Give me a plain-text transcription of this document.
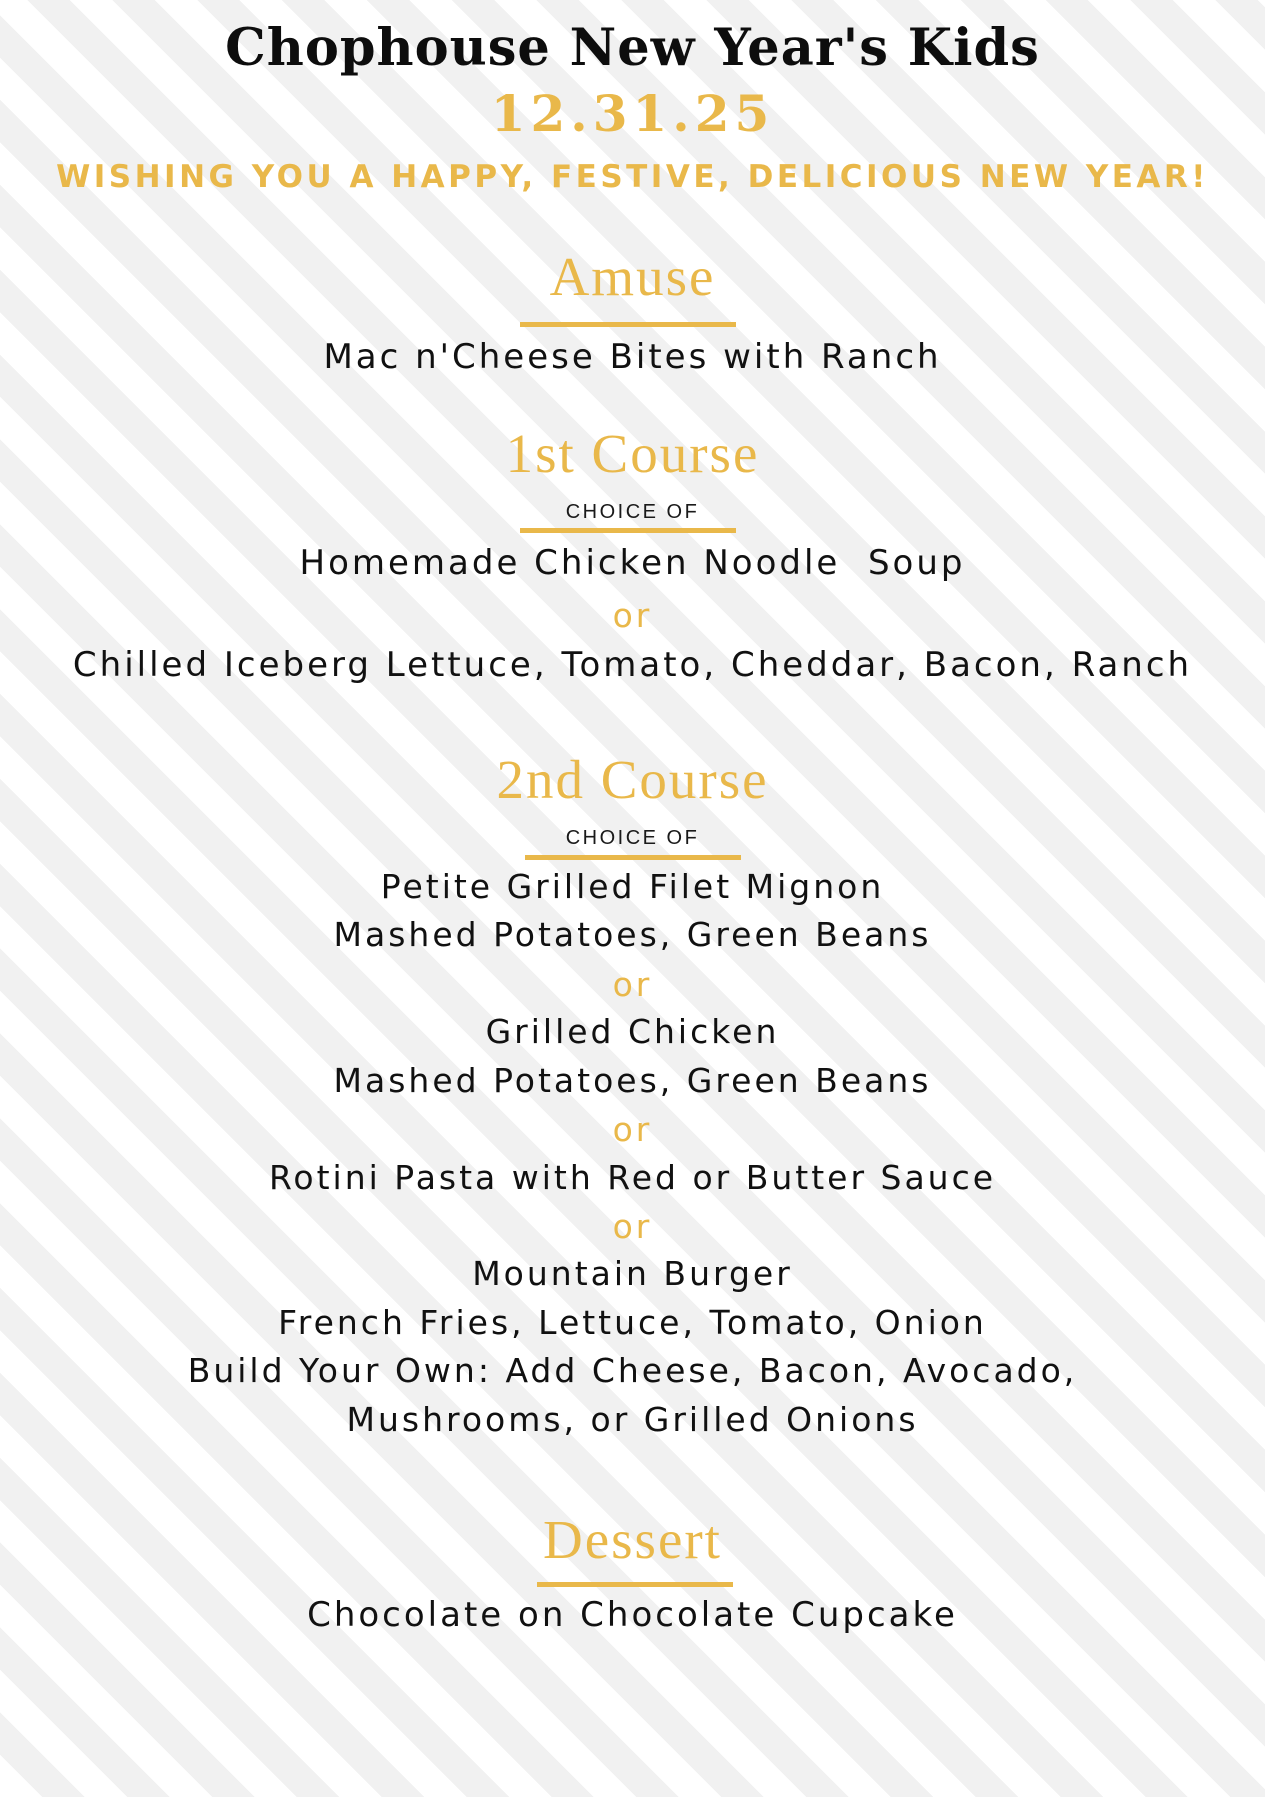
Chophouse New Year's Kids
12.31.25
WISHING YOU A HAPPY, FESTIVE, DELICIOUS NEW YEAR!
Amuse
Mac n'Cheese Bites with Ranch
1st Course
CHOICE OF
Homemade Chicken Noodle  Soup
or
Chilled Iceberg Lettuce, Tomato, Cheddar, Bacon, Ranch
2nd Course
CHOICE OF
Petite Grilled Filet Mignon
Mashed Potatoes, Green Beans
or
Grilled Chicken
Mashed Potatoes, Green Beans
or
Rotini Pasta with Red or Butter Sauce
or
Mountain Burger
French Fries, Lettuce, Tomato, Onion
Build Your Own: Add Cheese, Bacon, Avocado,
Mushrooms, or Grilled Onions
Dessert
Chocolate on Chocolate Cupcake
